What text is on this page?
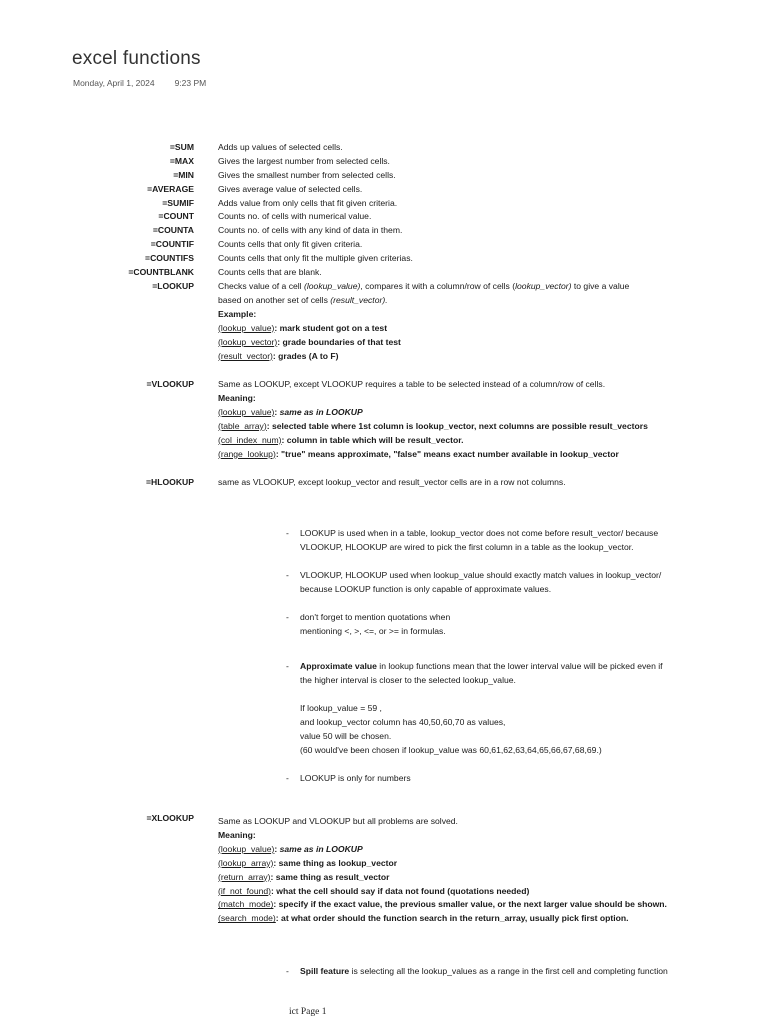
excel functions
Monday, April 1, 2024 9:23 PM
=SUM	Adds up values of selected cells.
=MAX	Gives the largest number from selected cells.
=MIN	Gives the smallest number from selected cells.
=AVERAGE	Gives average value of selected cells.
=SUMIF	Adds value from only cells that fit given criteria.
=COUNT	Counts no. of cells with numerical value.
=COUNTA	Counts no. of cells with any kind of data in them.
=COUNTIF	Counts cells that only fit given criteria.
=COUNTIFS	Counts cells that only fit the multiple given criterias.
=COUNTBLANK	Counts cells that are blank.
=LOOKUP	Checks value of a cell (lookup_value), compares it with a column/row of cells (lookup_vector) to give a value
based on another set of cells (result_vector).
Example:
(lookup_value): mark student got on a test
(lookup_vector): grade boundaries of that test
(result_vector): grades (A to F)
=VLOOKUP	Same as LOOKUP, except VLOOKUP requires a table to be selected instead of a column/row of cells.
Meaning:
(lookup_value): same as in LOOKUP
(table_array): selected table where 1st column is lookup_vector, next columns are possible result_vectors
(col_index_num): column in table which will be result_vector.
(range_lookup): "true" means approximate, "false" means exact number available in lookup_vector
=HLOOKUP	same as VLOOKUP, except lookup_vector and result_vector cells are in a row not columns.
- LOOKUP is used when in a table, lookup_vector does not come before result_vector/ because
VLOOKUP, HLOOKUP are wired to pick the first column in a table as the lookup_vector.
- VLOOKUP, HLOOKUP used when lookup_value should exactly match values in lookup_vector/
because LOOKUP function is only capable of approximate values.
- don't forget to mention quotations when
mentioning <, >, <=, or >= in formulas.
- Approximate value in lookup functions mean that the lower interval value will be picked even if
the higher interval is closer to the selected lookup_value.
If lookup_value = 59 ,
and lookup_vector column has 40,50,60,70 as values,
value 50 will be chosen.
(60 would've been chosen if lookup_value was 60,61,62,63,64,65,66,67,68,69.)
- LOOKUP is only for numbers
=XLOOKUP	Same as LOOKUP and VLOOKUP but all problems are solved.
Meaning:
(lookup_value): same as in LOOKUP
(lookup_array): same thing as lookup_vector
(return_array): same thing as result_vector
(if_not_found): what the cell should say if data not found (quotations needed)
(match_mode): specify if the exact value, the previous smaller value, or the next larger value should be shown.
(search_mode): at what order should the function search in the return_array, usually pick first option.
- Spill feature is selecting all the lookup_values as a range in the first cell and completing function
ict Page 1
